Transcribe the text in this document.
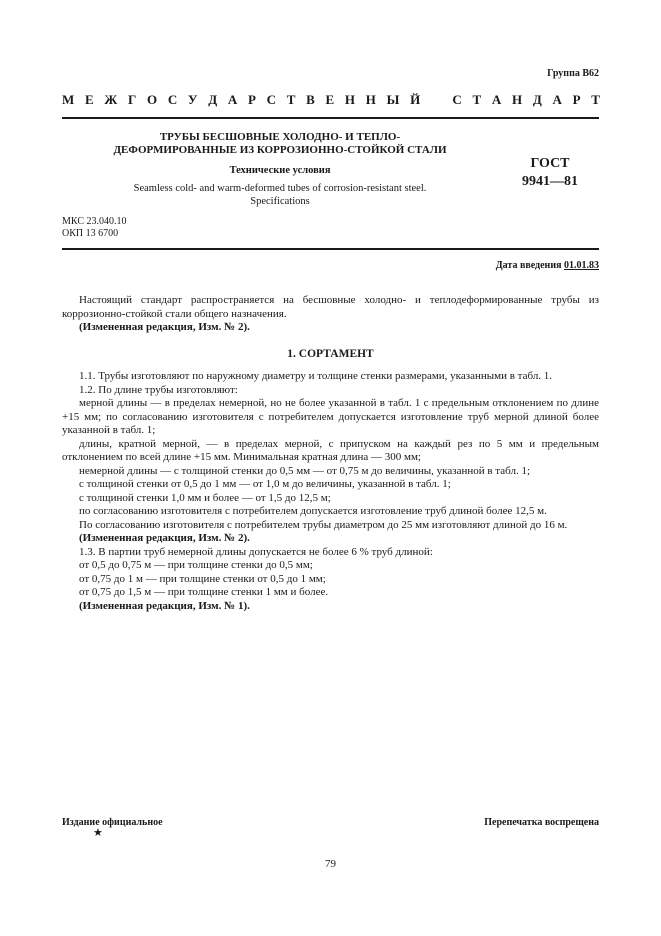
Группа В62
М Е Ж Г О С У Д А Р С Т В Е Н Н Ы Й С Т А Н Д А Р Т
ТРУБЫ БЕСШОВНЫЕ ХОЛОДНО- И ТЕПЛО-
ДЕФОРМИРОВАННЫЕ ИЗ КОРРОЗИОННО-СТОЙКОЙ СТАЛИ
Технические условия
Seamless cold- and warm-deformed tubes of corrosion-resistant steel.
Specifications
ГОСТ
9941—81
МКС 23.040.10
ОКП 13 6700
Дата введения 01.01.83

Настоящий стандарт распространяется на бесшовные холодно- и теплодеформированные трубы из коррозионно-стойкой стали общего назначения.

(Измененная редакция, Изм. № 2).

1. СОРТАМЕНТ

1.1. Трубы изготовляют по наружному диаметру и толщине стенки размерами, указанными в табл. 1.

1.2. По длине трубы изготовляют:

мерной длины — в пределах немерной, но не более указанной в табл. 1 с предельным отклонением по длине +15 мм; по согласованию изготовителя с потребителем допускается изготовление труб мерной длиной более указанной в табл. 1;

длины, кратной мерной, — в пределах мерной, с припуском на каждый рез по 5 мм и предельным отклонением по всей длине +15 мм. Минимальная кратная длина — 300 мм;

немерной длины — с толщиной стенки до 0,5 мм — от 0,75 м до величины, указанной в табл. 1;

с толщиной стенки от 0,5 до 1 мм — от 1,0 м до величины, указанной в табл. 1;

с толщиной стенки 1,0 мм и более — от 1,5 до 12,5 м;

по согласованию изготовителя с потребителем допускается изготовление труб длиной более 12,5 м.

По согласованию изготовителя с потребителем трубы диаметром до 25 мм изготовляют длиной до 16 м.

(Измененная редакция, Изм. № 2).

1.3. В партии труб немерной длины допускается не более 6 % труб длиной:

от 0,5 до 0,75 м — при толщине стенки до 0,5 мм;

от 0,75 до 1 м — при толщине стенки от 0,5 до 1 мм;

от 0,75 до 1,5 м — при толщине стенки 1 мм и более.

(Измененная редакция, Изм. № 1).

Издание официальное
★
Перепечатка воспрещена
79
